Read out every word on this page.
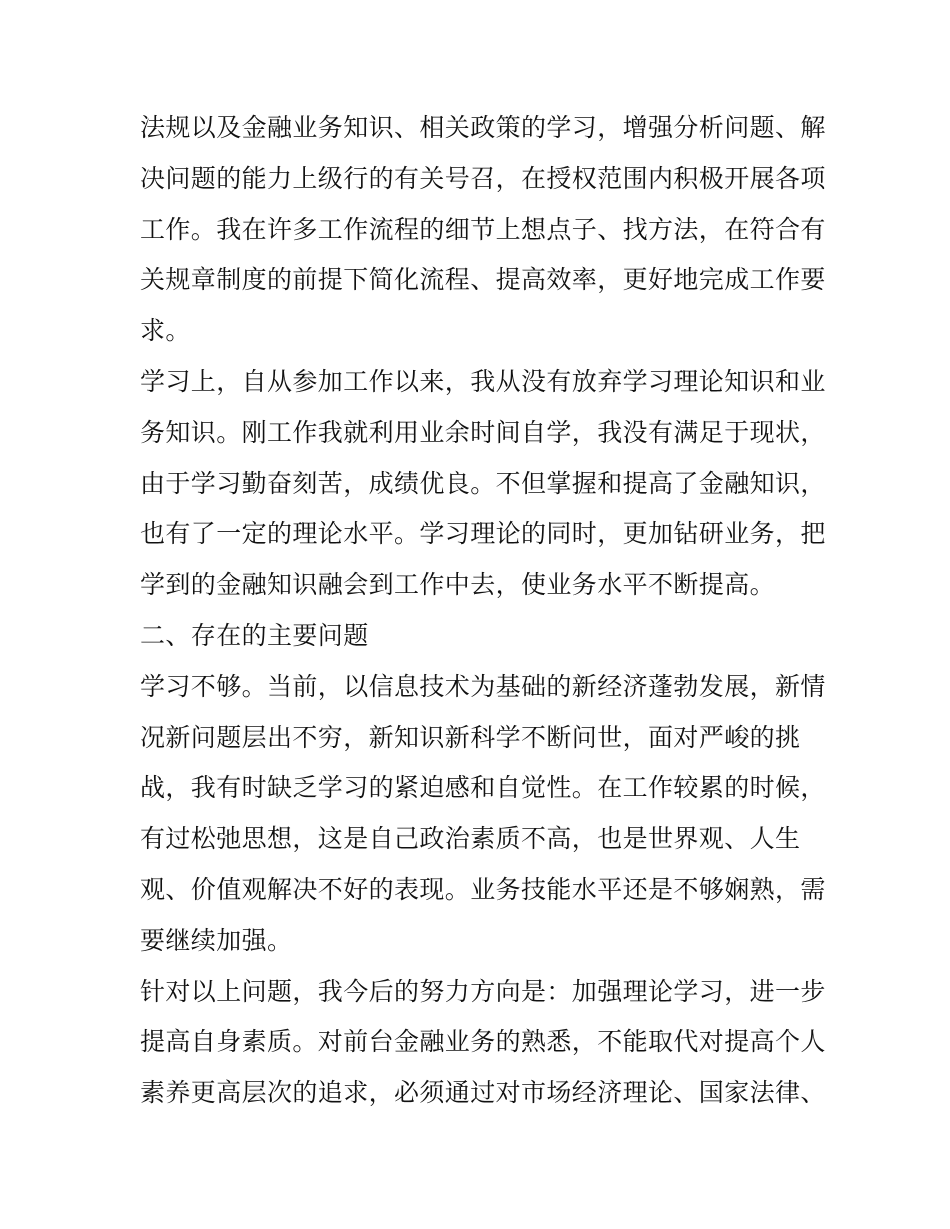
法规以及金融业务知识、相关政策的学习，增强分析问题、解
决问题的能力上级行的有关号召，在授权范围内积极开展各项
工作。我在许多工作流程的细节上想点子、找方法，在符合有
关规章制度的前提下简化流程、提高效率，更好地完成工作要
求。

学习上，自从参加工作以来，我从没有放弃学习理论知识和业
务知识。刚工作我就利用业余时间自学，我没有满足于现状，
由于学习勤奋刻苦，成绩优良。不但掌握和提高了金融知识，
也有了一定的理论水平。学习理论的同时，更加钻研业务，把
学到的金融知识融会到工作中去，使业务水平不断提高。

二、存在的主要问题

学习不够。当前，以信息技术为基础的新经济蓬勃发展，新情
况新问题层出不穷，新知识新科学不断问世，面对严峻的挑
战，我有时缺乏学习的紧迫感和自觉性。在工作较累的时候，
有过松弛思想，这是自己政治素质不高，也是世界观、人生
观、价值观解决不好的表现。业务技能水平还是不够娴熟，需
要继续加强。

针对以上问题，我今后的努力方向是：加强理论学习，进一步
提高自身素质。对前台金融业务的熟悉，不能取代对提高个人
素养更高层次的追求，必须通过对市场经济理论、国家法律、
